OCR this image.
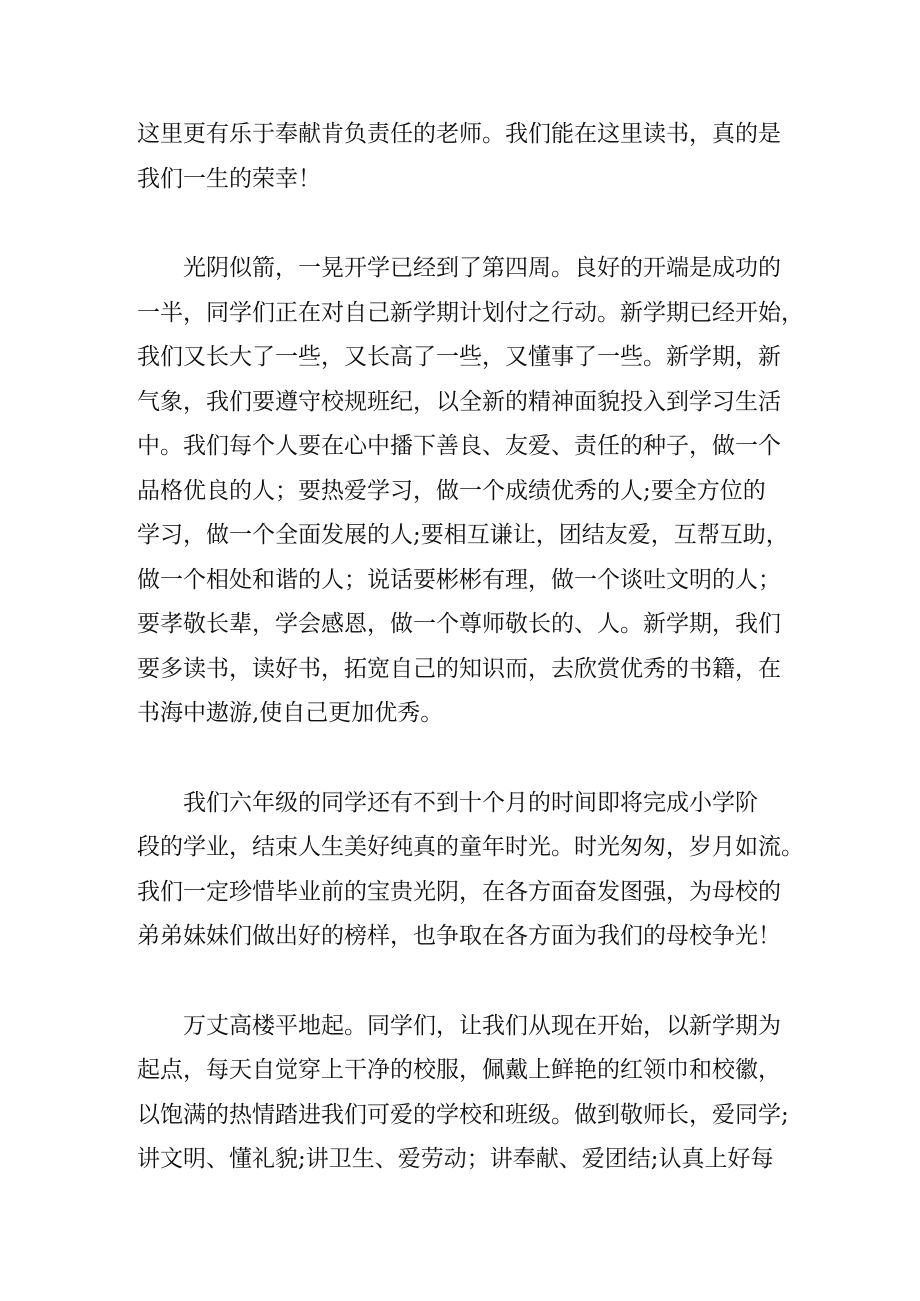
这里更有乐于奉献肯负责任的老师。我们能在这里读书，真的是
我们一生的荣幸！
光阴似箭，一晃开学已经到了第四周。良好的开端是成功的
一半，同学们正在对自己新学期计划付之行动。新学期已经开始，
我们又长大了一些，又长高了一些，又懂事了一些。新学期，新
气象，我们要遵守校规班纪，以全新的精神面貌投入到学习生活
中。我们每个人要在心中播下善良、友爱、责任的种子，做一个
品格优良的人；要热爱学习，做一个成绩优秀的人;要全方位的
学习，做一个全面发展的人;要相互谦让，团结友爱，互帮互助，
做一个相处和谐的人；说话要彬彬有理，做一个谈吐文明的人；
要孝敬长辈，学会感恩，做一个尊师敬长的、人。新学期，我们
要多读书，读好书，拓宽自己的知识而，去欣赏优秀的书籍，在
书海中遨游,使自己更加优秀。
我们六年级的同学还有不到十个月的时间即将完成小学阶
段的学业，结束人生美好纯真的童年时光。时光匆匆，岁月如流。
我们一定珍惜毕业前的宝贵光阴，在各方面奋发图强，为母校的
弟弟妹妹们做出好的榜样，也争取在各方面为我们的母校争光！
万丈高楼平地起。同学们，让我们从现在开始，以新学期为
起点，每天自觉穿上干净的校服，佩戴上鲜艳的红领巾和校徽，
以饱满的热情踏进我们可爱的学校和班级。做到敬师长，爱同学;
讲文明、懂礼貌;讲卫生、爱劳动；讲奉献、爱团结;认真上好每
